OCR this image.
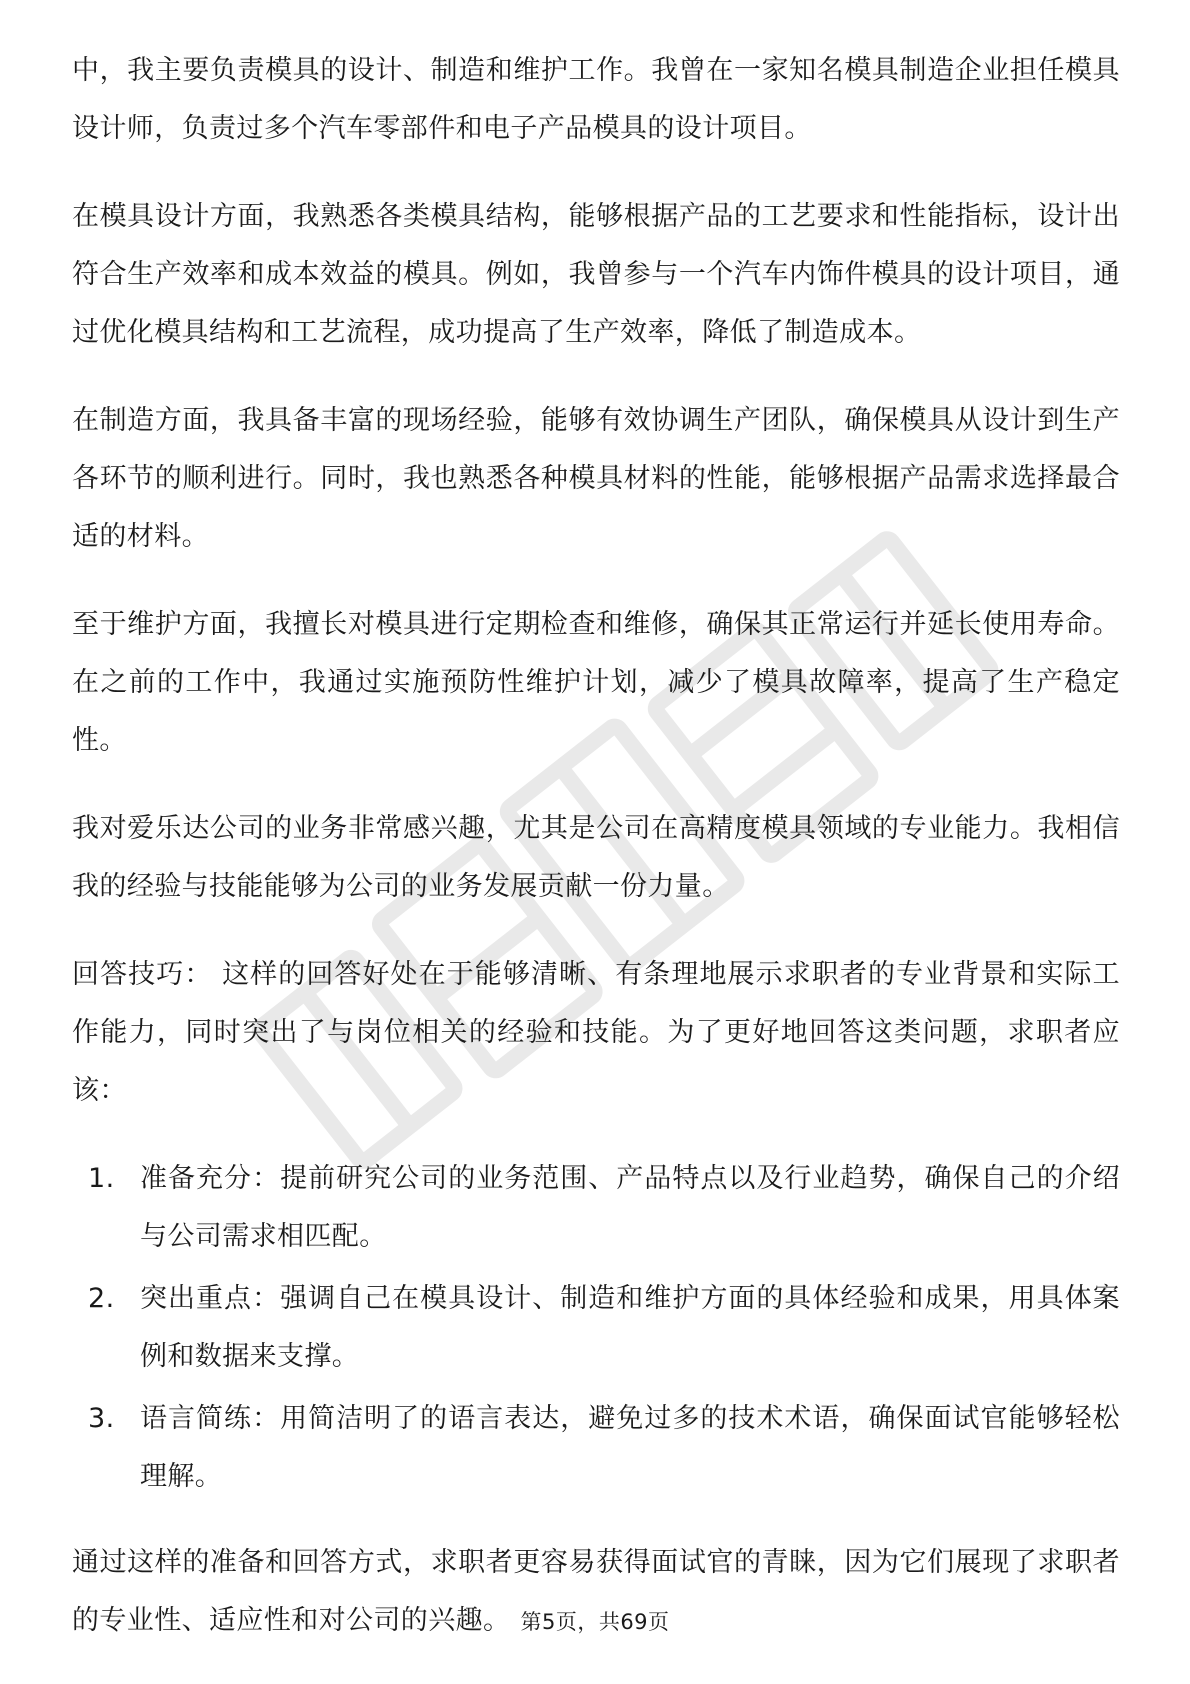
中，我主要负责模具的设计、制造和维护工作。我曾在一家知名模具制造企业担任模具设计师，负责过多个汽车零部件和电子产品模具的设计项目。

在模具设计方面，我熟悉各类模具结构，能够根据产品的工艺要求和性能指标，设计出符合生产效率和成本效益的模具。例如，我曾参与一个汽车内饰件模具的设计项目，通过优化模具结构和工艺流程，成功提高了生产效率，降低了制造成本。

在制造方面，我具备丰富的现场经验，能够有效协调生产团队，确保模具从设计到生产各环节的顺利进行。同时，我也熟悉各种模具材料的性能，能够根据产品需求选择最合适的材料。

至于维护方面，我擅长对模具进行定期检查和维修，确保其正常运行并延长使用寿命。在之前的工作中，我通过实施预防性维护计划，减少了模具故障率，提高了生产稳定性。

我对爱乐达公司的业务非常感兴趣，尤其是公司在高精度模具领域的专业能力。我相信我的经验与技能能够为公司的业务发展贡献一份力量。

回答技巧： 这样的回答好处在于能够清晰、有条理地展示求职者的专业背景和实际工作能力，同时突出了与岗位相关的经验和技能。为了更好地回答这类问题，求职者应该：

1. 准备充分：提前研究公司的业务范围、产品特点以及行业趋势，确保自己的介绍与公司需求相匹配。
2. 突出重点：强调自己在模具设计、制造和维护方面的具体经验和成果，用具体案例和数据来支撑。
3. 语言简练：用简洁明了的语言表达，避免过多的技术术语，确保面试官能够轻松理解。

通过这样的准备和回答方式，求职者更容易获得面试官的青睐，因为它们展现了求职者的专业性、适应性和对公司的兴趣。 第5页，共69页
